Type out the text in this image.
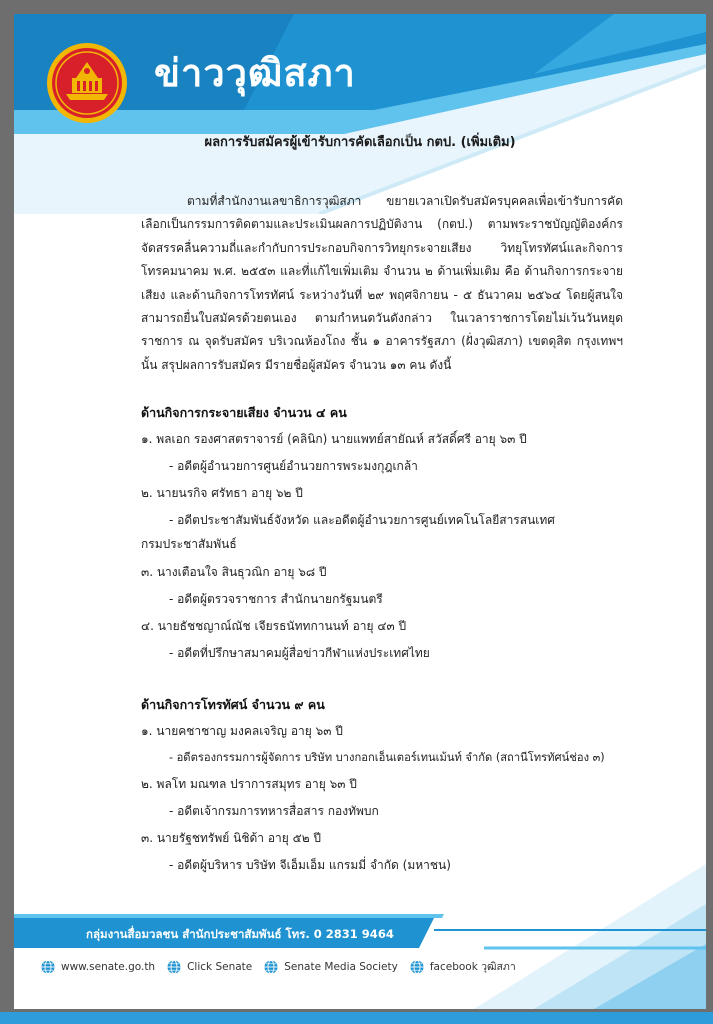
ข่าววุฒิสภา
ผลการรับสมัครผู้เข้ารับการคัดเลือกเป็น กตป. (เพิ่มเติม)
ตามที่สำนักงานเลขาธิการวุฒิสภา ขยายเวลาเปิดรับสมัครบุคคลเพื่อเข้ารับการคัดเลือกเป็นกรรมการติดตามและประเมินผลการปฏิบัติงาน (กตป.) ตามพระราชบัญญัติองค์กรจัดสรรคลื่นความถี่และกำกับการประกอบกิจการวิทยุกระจายเสียง วิทยุโทรทัศน์และกิจการโทรคมนาคม พ.ศ. ๒๕๕๓ และที่แก้ไขเพิ่มเติม จำนวน ๒ ด้านเพิ่มเติม คือ ด้านกิจการกระจายเสียง และด้านกิจการโทรทัศน์ ระหว่างวันที่ ๒๙ พฤศจิกายน - ๕ ธันวาคม ๒๕๖๔ โดยผู้สนใจสามารถยื่นใบสมัครด้วยตนเอง ตามกำหนดวันดังกล่าว ในเวลาราชการโดยไม่เว้นวันหยุดราชการ ณ จุดรับสมัคร บริเวณห้องโถง ชั้น ๑ อาคารรัฐสภา (ฝั่งวุฒิสภา) เขตดุสิต กรุงเทพฯ นั้น สรุปผลการรับสมัคร มีรายชื่อผู้สมัคร จำนวน ๑๓ คน ดังนี้
ด้านกิจการกระจายเสียง จำนวน ๔ คน
๑. พลเอก รองศาสตราจารย์ (คลินิก) นายแพทย์สายัณห์ สวัสดิ์ศรี อายุ ๖๓ ปี
- อดีตผู้อำนวยการศูนย์อำนวยการพระมงกุฎเกล้า
๒. นายนรกิจ ศรัทธา อายุ ๖๒ ปี
- อดีตประชาสัมพันธ์จังหวัด และอดีตผู้อำนวยการศูนย์เทคโนโลยีสารสนเทศ
กรมประชาสัมพันธ์
๓. นางเตือนใจ สินธุวณิก อายุ ๖๘ ปี
- อดีตผู้ตรวจราชการ สำนักนายกรัฐมนตรี
๔. นายธัชชญาณ์ณัช เจียรธนัททกานนท์ อายุ ๔๓ ปี
- อดีตที่ปรึกษาสมาคมผู้สื่อข่าวกีฬาแห่งประเทศไทย
ด้านกิจการโทรทัศน์ จำนวน ๙ คน
๑. นายคชาชาญ มงคลเจริญ อายุ ๖๓ ปี
- อดีตรองกรรมการผู้จัดการ บริษัท บางกอกเอ็นเตอร์เทนเม้นท์ จำกัด (สถานีโทรทัศน์ช่อง ๓)
๒. พลโท มณฑล ปราการสมุทร อายุ ๖๓ ปี
- อดีตเจ้ากรมการทหารสื่อสาร กองทัพบก
๓. นายรัฐชทรัพย์ นิชิด้า อายุ ๕๒ ปี
- อดีตผู้บริหาร บริษัท จีเอ็มเอ็ม แกรมมี่ จำกัด (มหาชน)
กลุ่มงานสื่อมวลชน สำนักประชาสัมพันธ์ โทร. 0 2831 9464
www.senate.go.th	Click Senate	Senate Media Society	facebook วุฒิสภา
